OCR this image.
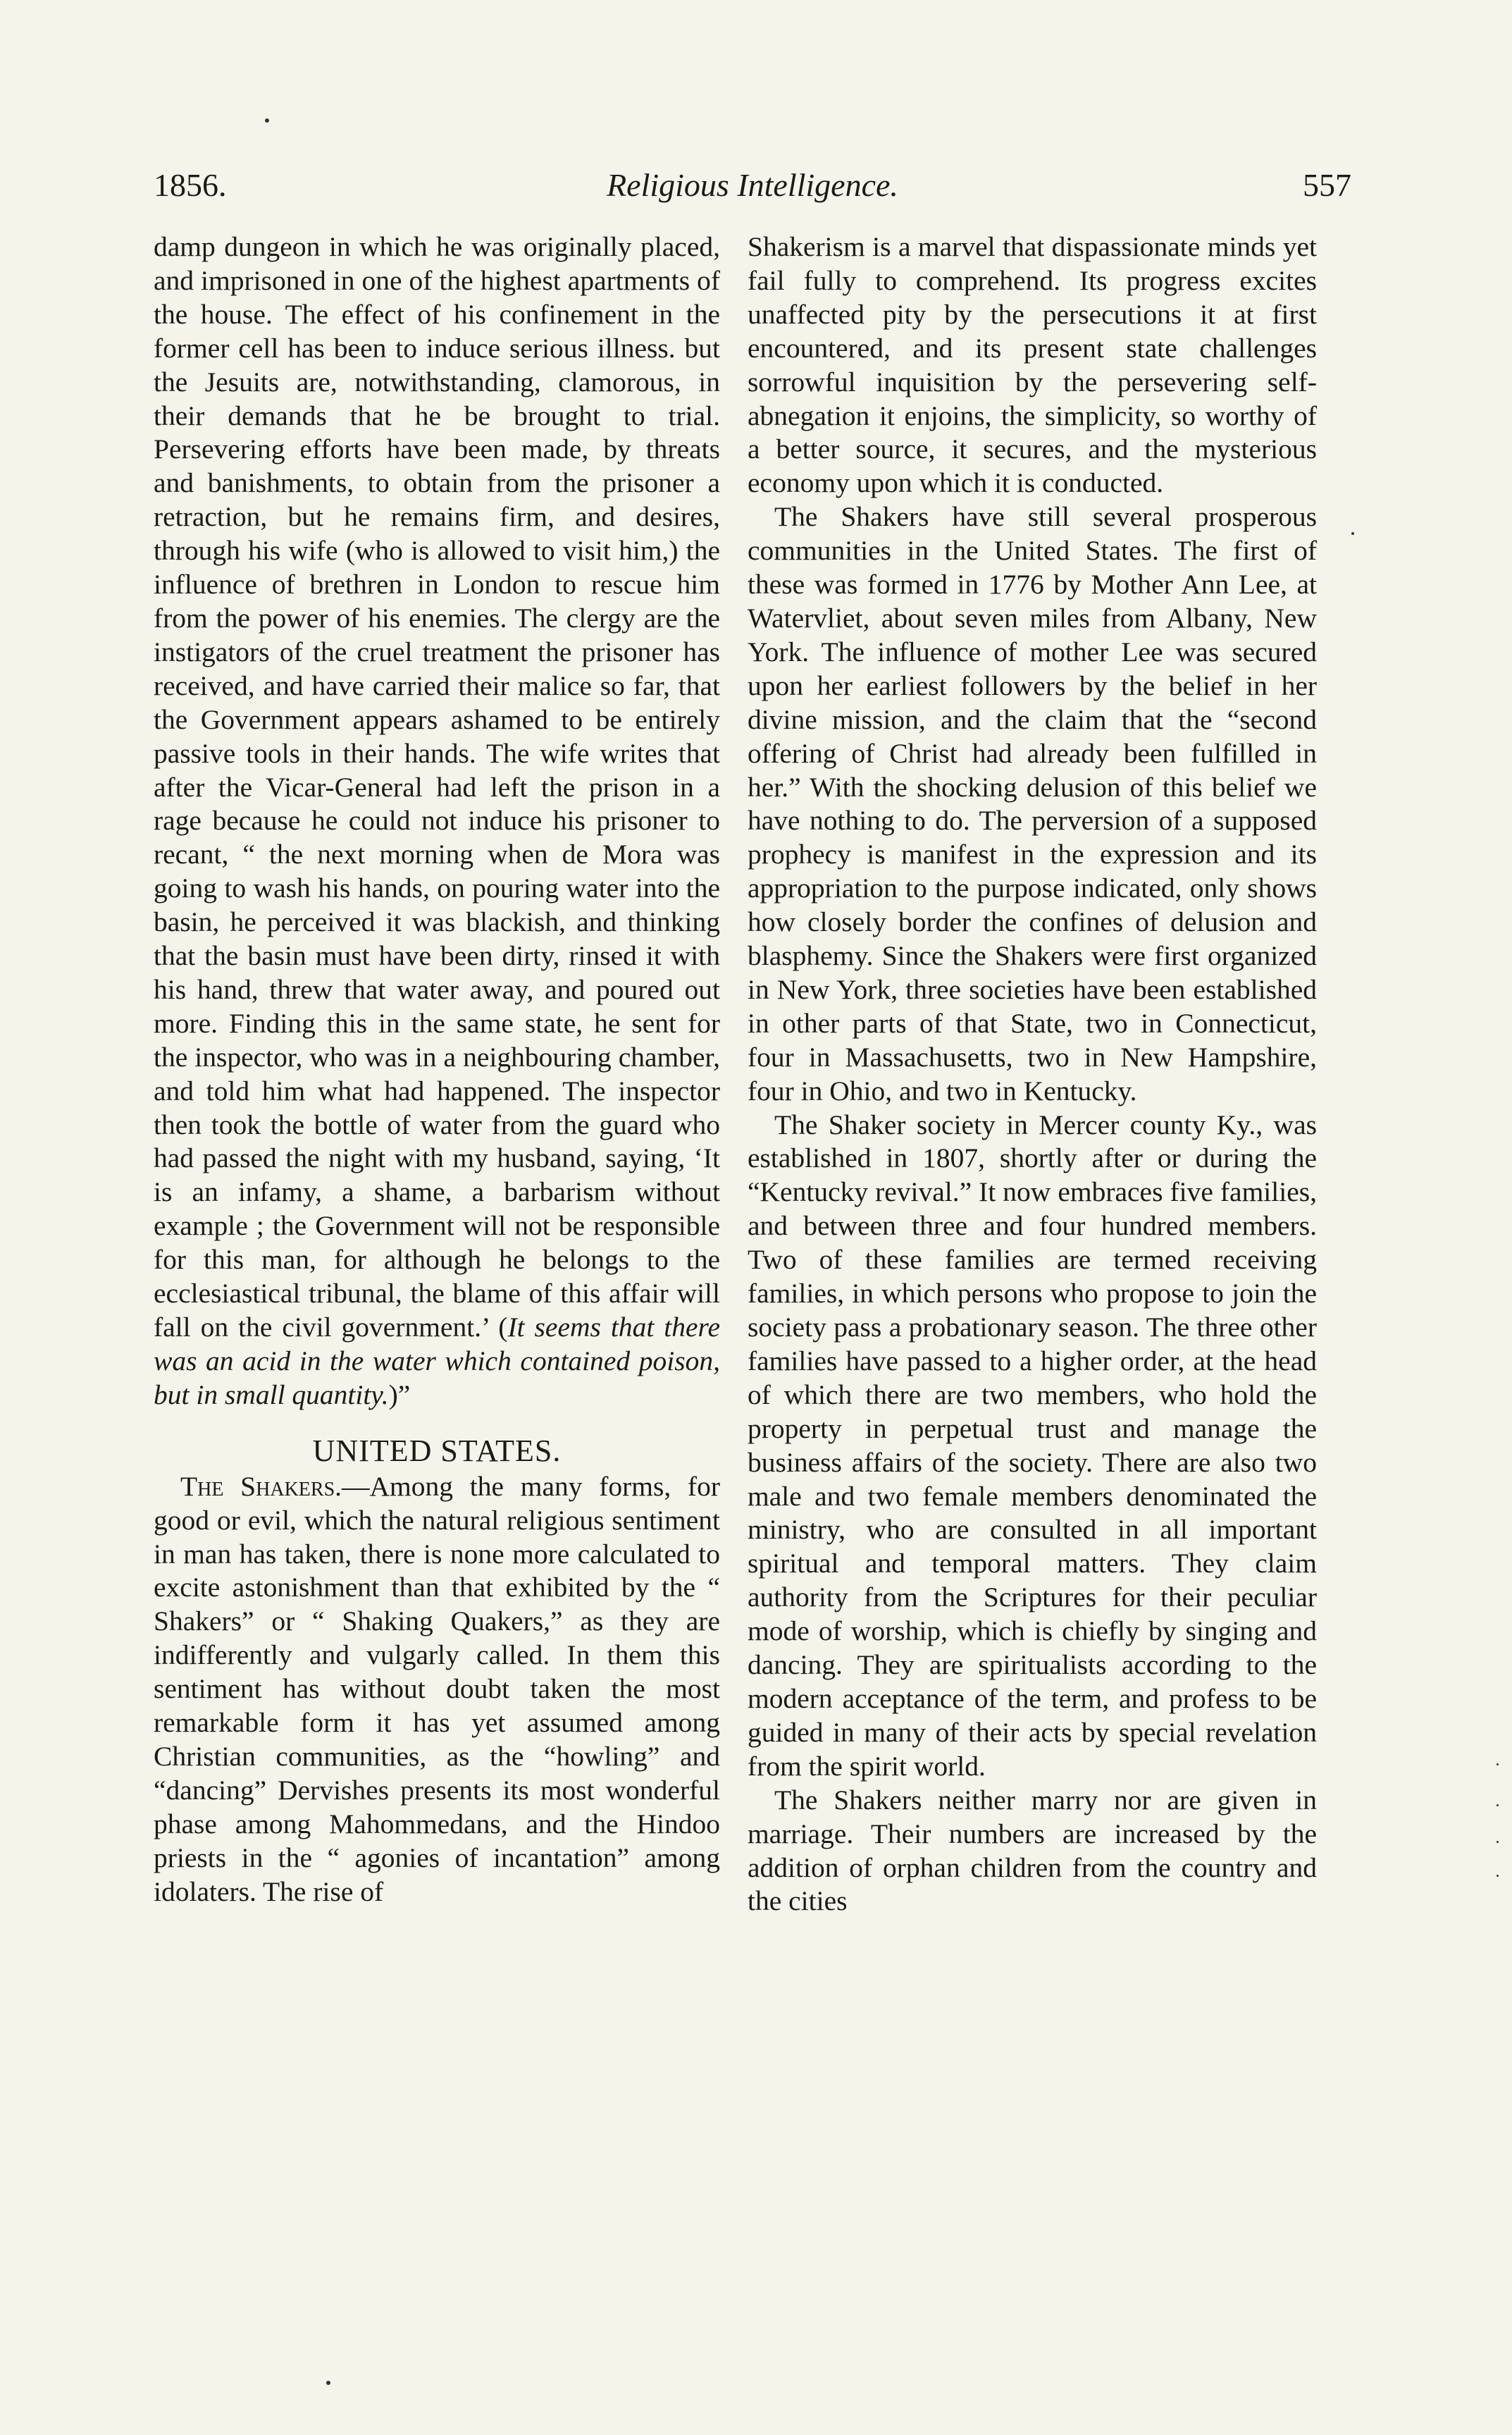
1856.	Religious Intelligence.	557

damp dungeon in which he was originally placed, and imprisoned in one of the highest apartments of the house. The effect of his confinement in the former cell has been to induce serious illness. but the Jesuits are, notwithstanding, clamorous, in their demands that he be brought to trial. Persevering efforts have been made, by threats and banishments, to obtain from the prisoner a retraction, but he remains firm, and desires, through his wife (who is allowed to visit him,) the influence of brethren in London to rescue him from the power of his enemies. The clergy are the instigators of the cruel treatment the prisoner has received, and have carried their malice so far, that the Government appears ashamed to be entirely passive tools in their hands. The wife writes that after the Vicar-General had left the prison in a rage because he could not induce his prisoner to recant, “ the next morning when de Mora was going to wash his hands, on pouring water into the basin, he perceived it was blackish, and thinking that the basin must have been dirty, rinsed it with his hand, threw that water away, and poured out more. Finding this in the same state, he sent for the inspector, who was in a neighbouring chamber, and told him what had happened. The inspector then took the bottle of water from the guard who had passed the night with my husband, saying, ‘It is an infamy, a shame, a barbarism without example ; the Government will not be responsible for this man, for although he belongs to the ecclesiastical tribunal, the blame of this affair will fall on the civil government.’ (It seems that there was an acid in the water which contained poison, but in small quantity.)”

UNITED STATES.

The Shakers.—Among the many forms, for good or evil, which the natural religious sentiment in man has taken, there is none more calculated to excite astonishment than that exhibited by the “ Shakers” or “ Shaking Quakers,” as they are indifferently and vulgarly called. In them this sentiment has without doubt taken the most remarkable form it has yet assumed among Christian communities, as the “howling” and “dancing” Dervishes presents its most wonderful phase among Mahommedans, and the Hindoo priests in the “ agonies of incantation” among idolaters. The rise of

Shakerism is a marvel that dispassionate minds yet fail fully to comprehend. Its progress excites unaffected pity by the persecutions it at first encountered, and its present state challenges sorrowful inquisition by the persevering self-abnegation it enjoins, the simplicity, so worthy of a better source, it secures, and the mysterious economy upon which it is conducted.

The Shakers have still several prosperous communities in the United States. The first of these was formed in 1776 by Mother Ann Lee, at Watervliet, about seven miles from Albany, New York. The influence of mother Lee was secured upon her earliest followers by the belief in her divine mission, and the claim that the “second offering of Christ had already been fulfilled in her.” With the shocking delusion of this belief we have nothing to do. The perversion of a supposed prophecy is manifest in the expression and its appropriation to the purpose indicated, only shows how closely border the confines of delusion and blasphemy. Since the Shakers were first organized in New York, three societies have been established in other parts of that State, two in Connecticut, four in Massachusetts, two in New Hampshire, four in Ohio, and two in Kentucky.

The Shaker society in Mercer county Ky., was established in 1807, shortly after or during the “Kentucky revival.” It now embraces five families, and between three and four hundred members. Two of these families are termed receiving families, in which persons who propose to join the society pass a probationary season. The three other families have passed to a higher order, at the head of which there are two members, who hold the property in perpetual trust and manage the business affairs of the society. There are also two male and two female members denominated the ministry, who are consulted in all important spiritual and temporal matters. They claim authority from the Scriptures for their peculiar mode of worship, which is chiefly by singing and dancing. They are spiritualists according to the modern acceptance of the term, and profess to be guided in many of their acts by special revelation from the spirit world.

The Shakers neither marry nor are given in marriage. Their numbers are increased by the addition of orphan children from the country and the cities
